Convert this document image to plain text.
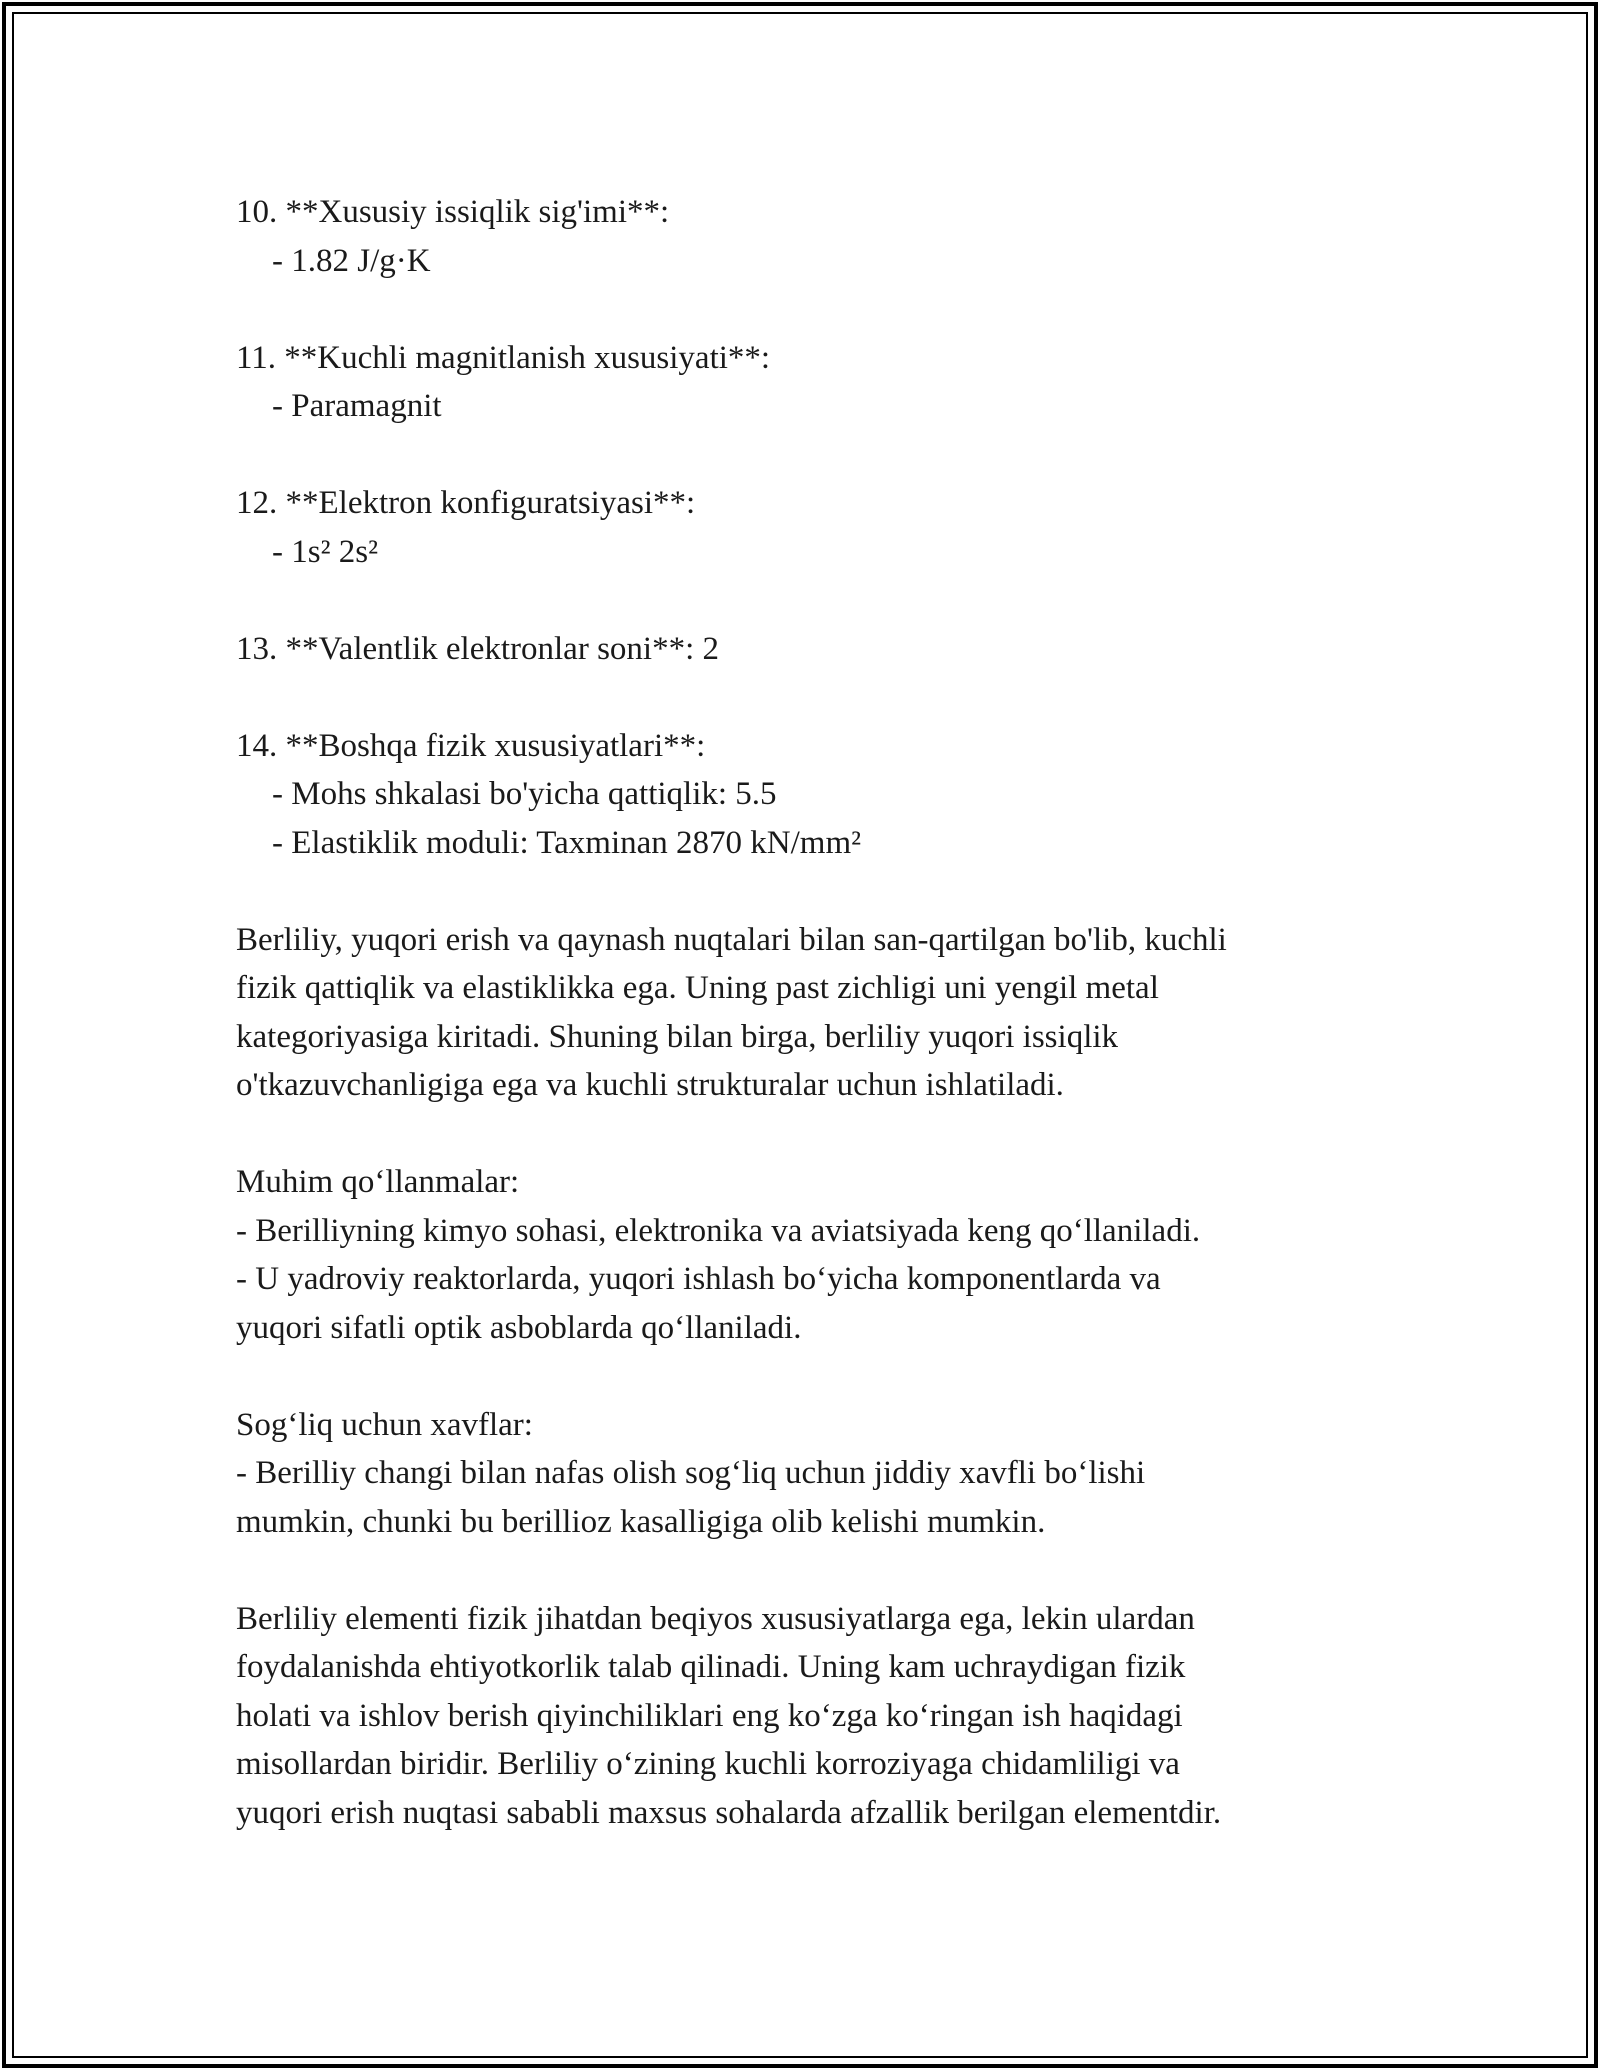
10. **Xususiy issiqlik sig'imi**:

- 1.82 J/g·K

11. **Kuchli magnitlanish xususiyati**:

- Paramagnit

12. **Elektron konfiguratsiyasi**:

- 1s² 2s²

13. **Valentlik elektronlar soni**: 2

14. **Boshqa fizik xususiyatlari**:

- Mohs shkalasi bo'yicha qattiqlik: 5.5

- Elastiklik moduli: Taxminan 2870 kN/mm²

Berliliy, yuqori erish va qaynash nuqtalari bilan san-qartilgan bo'lib, kuchli

fizik qattiqlik va elastiklikka ega. Uning past zichligi uni yengil metal

kategoriyasiga kiritadi. Shuning bilan birga, berliliy yuqori issiqlik

o'tkazuvchanligiga ega va kuchli strukturalar uchun ishlatiladi.

Muhim qo‘llanmalar:

- Berilliyning kimyo sohasi, elektronika va aviatsiyada keng qo‘llaniladi.

- U yadroviy reaktorlarda, yuqori ishlash bo‘yicha komponentlarda va

yuqori sifatli optik asboblarda qo‘llaniladi.

Sog‘liq uchun xavflar:

- Berilliy changi bilan nafas olish sog‘liq uchun jiddiy xavfli bo‘lishi

mumkin, chunki bu berillioz kasalligiga olib kelishi mumkin.

Berliliy elementi fizik jihatdan beqiyos xususiyatlarga ega, lekin ulardan

foydalanishda ehtiyotkorlik talab qilinadi. Uning kam uchraydigan fizik

holati va ishlov berish qiyinchiliklari eng ko‘zga ko‘ringan ish haqidagi

misollardan biridir. Berliliy o‘zining kuchli korroziyaga chidamliligi va

yuqori erish nuqtasi sababli maxsus sohalarda afzallik berilgan elementdir.
